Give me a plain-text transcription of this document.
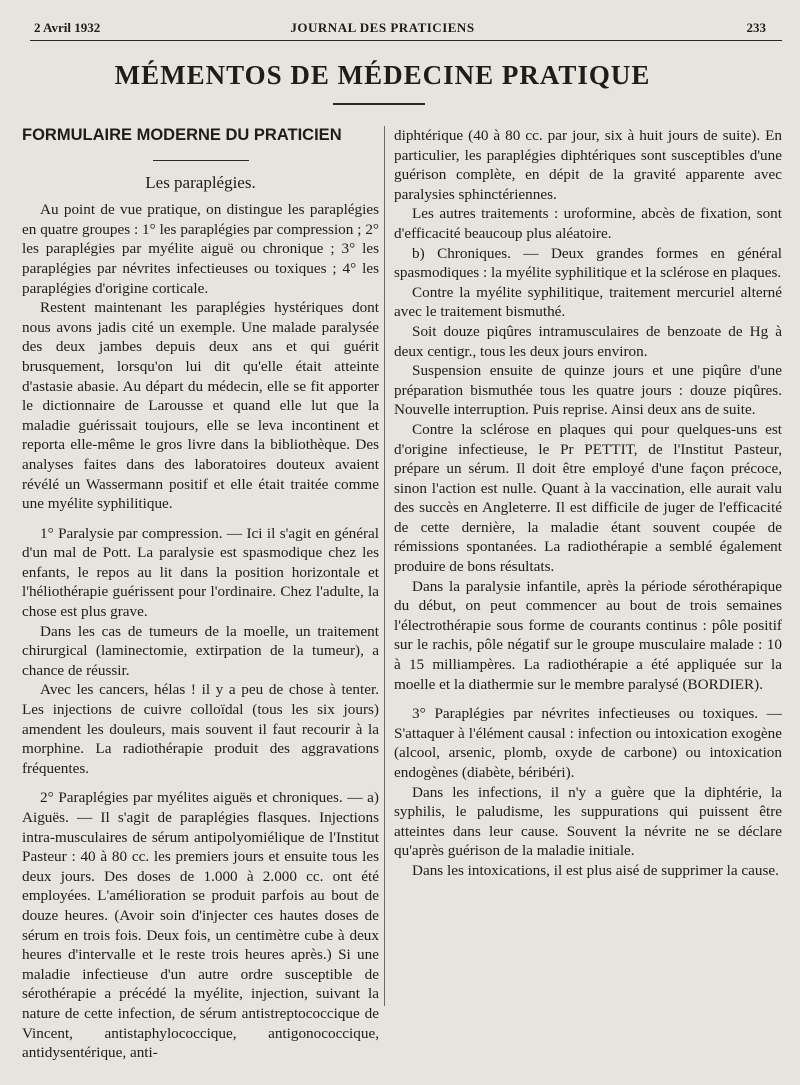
2 Avril 1932	JOURNAL DES PRATICIENS	233
MÉMENTOS DE MÉDECINE PRATIQUE
FORMULAIRE MODERNE DU PRATICIEN
Les paraplégies.

Au point de vue pratique, on distingue les paraplégies en quatre groupes : 1° les paraplégies par compression ; 2° les paraplégies par myélite aiguë ou chronique ; 3° les paraplégies par névrites infectieuses ou toxiques ; 4° les paraplégies d'origine corticale.

Restent maintenant les paraplégies hystériques dont nous avons jadis cité un exemple. Une malade paralysée des deux jambes depuis deux ans et qui guérit brusquement, lorsqu'on lui dit qu'elle était atteinte d'astasie abasie. Au départ du médecin, elle se fit apporter le dictionnaire de Larousse et quand elle lut que la maladie guérissait toujours, elle se leva incontinent et reporta elle-même le gros livre dans la bibliothèque. Des analyses faites dans des laboratoires douteux avaient révélé un Wassermann positif et elle était traitée comme une myélite syphilitique.

1° Paralysie par compression. — Ici il s'agit en général d'un mal de Pott. La paralysie est spasmodique chez les enfants, le repos au lit dans la position horizontale et l'héliothérapie guérissent pour l'ordinaire. Chez l'adulte, la chose est plus grave.

Dans les cas de tumeurs de la moelle, un traitement chirurgical (laminectomie, extirpation de la tumeur), a chance de réussir.

Avec les cancers, hélas ! il y a peu de chose à tenter. Les injections de cuivre colloïdal (tous les six jours) amendent les douleurs, mais souvent il faut recourir à la morphine. La radiothérapie produit des aggravations fréquentes.

2° Paraplégies par myélites aiguës et chroniques. — a) Aiguës. — Il s'agit de paraplégies flasques. Injections intra-musculaires de sérum antipolyomiélique de l'Institut Pasteur : 40 à 80 cc. les premiers jours et ensuite tous les deux jours. Des doses de 1.000 à 2.000 cc. ont été employées. L'amélioration se produit parfois au bout de douze heures. (Avoir soin d'injecter ces hautes doses de sérum en trois fois. Deux fois, un centimètre cube à deux heures d'intervalle et le reste trois heures après.) Si une maladie infectieuse d'un autre ordre susceptible de sérothérapie a précédé la myélite, injection, suivant la nature de cette infection, de sérum antistreptococcique de Vincent, antistaphylococcique, antigonococcique, antidysentérique, anti-

diphtérique (40 à 80 cc. par jour, six à huit jours de suite). En particulier, les paraplégies diphtériques sont susceptibles d'une guérison complète, en dépit de la gravité apparente avec paralysies sphinctériennes.

Les autres traitements : uroformine, abcès de fixation, sont d'efficacité beaucoup plus aléatoire.

b) Chroniques. — Deux grandes formes en général spasmodiques : la myélite syphilitique et la sclérose en plaques.

Contre la myélite syphilitique, traitement mercuriel alterné avec le traitement bismuthé.

Soit douze piqûres intramusculaires de benzoate de Hg à deux centigr., tous les deux jours environ.

Suspension ensuite de quinze jours et une piqûre d'une préparation bismuthée tous les quatre jours : douze piqûres. Nouvelle interruption. Puis reprise. Ainsi deux ans de suite.

Contre la sclérose en plaques qui pour quelques-uns est d'origine infectieuse, le Pr PETTIT, de l'Institut Pasteur, prépare un sérum. Il doit être employé d'une façon précoce, sinon l'action est nulle. Quant à la vaccination, elle aurait valu des succès en Angleterre. Il est difficile de juger de l'efficacité de cette dernière, la maladie étant souvent coupée de rémissions spontanées. La radiothérapie a semblé également produire de bons résultats.

Dans la paralysie infantile, après la période sérothérapique du début, on peut commencer au bout de trois semaines l'électrothérapie sous forme de courants continus : pôle positif sur le rachis, pôle négatif sur le groupe musculaire malade : 10 à 15 milliampères. La radiothérapie a été appliquée sur la moelle et la diathermie sur le membre paralysé (BORDIER).

3° Paraplégies par névrites infectieuses ou toxiques. — S'attaquer à l'élément causal : infection ou intoxication exogène (alcool, arsenic, plomb, oxyde de carbone) ou intoxication endogènes (diabète, béribéri).

Dans les infections, il n'y a guère que la diphtérie, la syphilis, le paludisme, les suppurations qui puissent être atteintes dans leur cause. Souvent la névrite ne se déclare qu'après guérison de la maladie initiale.

Dans les intoxications, il est plus aisé de supprimer la cause.
